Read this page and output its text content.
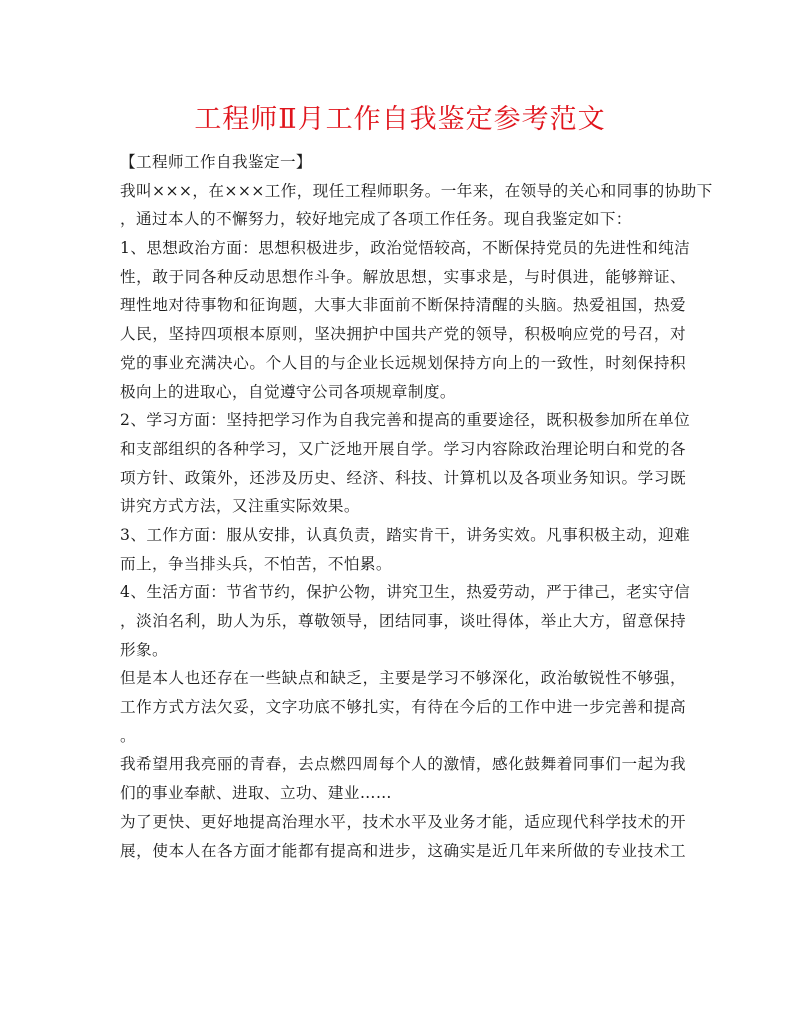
工程师Ⅱ月工作自我鉴定参考范文
【工程师工作自我鉴定一】
我叫×××，在×××工作，现任工程师职务。一年来，在领导的关心和同事的协助下
，通过本人的不懈努力，较好地完成了各项工作任务。现自我鉴定如下：
1、思想政治方面：思想积极进步，政治觉悟较高，不断保持党员的先进性和纯洁
性，敢于同各种反动思想作斗争。解放思想，实事求是，与时俱进，能够辩证、
理性地对待事物和征询题，大事大非面前不断保持清醒的头脑。热爱祖国，热爱
人民，坚持四项根本原则，坚决拥护中国共产党的领导，积极响应党的号召，对
党的事业充满决心。个人目的与企业长远规划保持方向上的一致性，时刻保持积
极向上的进取心，自觉遵守公司各项规章制度。
2、学习方面：坚持把学习作为自我完善和提高的重要途径，既积极参加所在单位
和支部组织的各种学习，又广泛地开展自学。学习内容除政治理论明白和党的各
项方针、政策外，还涉及历史、经济、科技、计算机以及各项业务知识。学习既
讲究方式方法，又注重实际效果。
3、工作方面：服从安排，认真负责，踏实肯干，讲务实效。凡事积极主动，迎难
而上，争当排头兵，不怕苦，不怕累。
4、生活方面：节省节约，保护公物，讲究卫生，热爱劳动，严于律己，老实守信
，淡泊名利，助人为乐，尊敬领导，团结同事，谈吐得体，举止大方，留意保持
形象。
但是本人也还存在一些缺点和缺乏，主要是学习不够深化，政治敏锐性不够强，
工作方式方法欠妥，文字功底不够扎实，有待在今后的工作中进一步完善和提高
。
我希望用我亮丽的青春，去点燃四周每个人的激情，感化鼓舞着同事们一起为我
们的事业奉献、进取、立功、建业……
为了更快、更好地提高治理水平，技术水平及业务才能，适应现代科学技术的开
展，使本人在各方面才能都有提高和进步，这确实是近几年来所做的专业技术工
